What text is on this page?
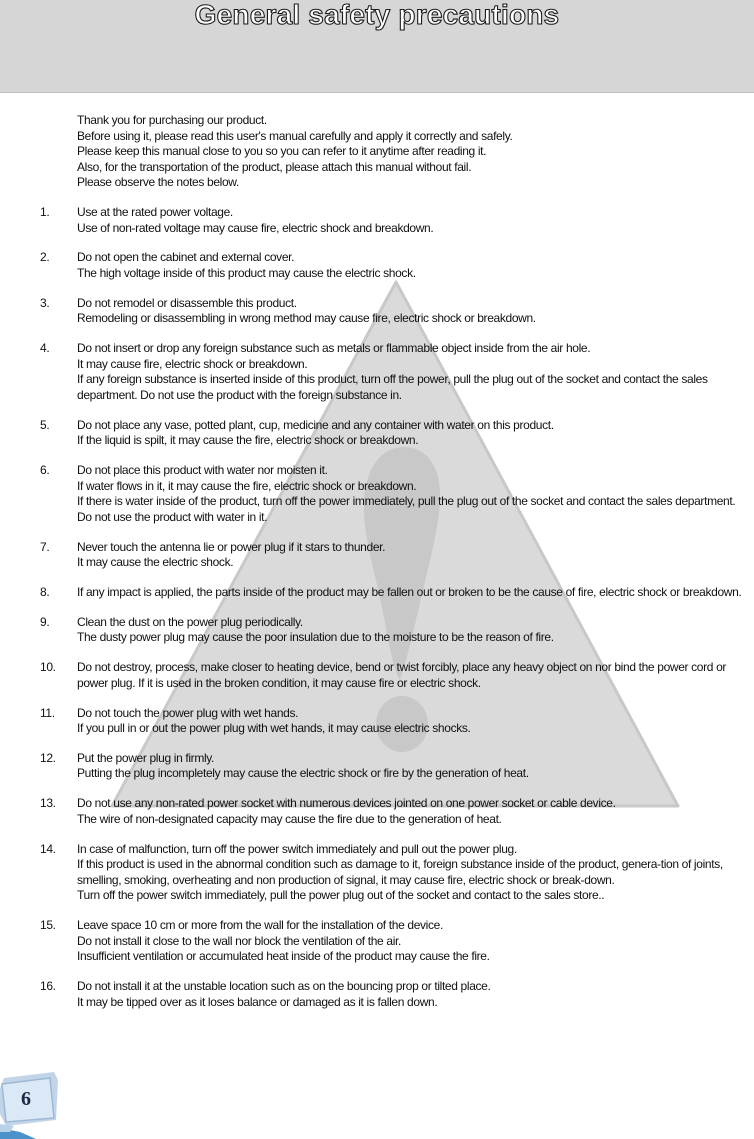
General safety precautions
Thank you for purchasing our product.
Before using it, please read this user's manual carefully and apply it correctly and safely.
Please keep this manual close to you so you can refer to it anytime after reading it.
Also, for the transportation of the product, please attach this manual without fail.
Please observe the notes below.
1. Use at the rated power voltage.
Use of non-rated voltage may cause fire, electric shock and breakdown.
2. Do not open the cabinet and external cover.
The high voltage inside of this product may cause the electric shock.
3. Do not remodel or disassemble this product.
Remodeling or disassembling in wrong method may cause fire, electric shock or breakdown.
4. Do not insert or drop any foreign substance such as metals or flammable object inside from the air hole.
It may cause fire, electric shock or breakdown.
If any foreign substance is inserted inside of this product, turn off the power, pull the plug out of the socket and contact the sales department. Do not use the product with the foreign substance in.
5. Do not place any vase, potted plant, cup, medicine and any container with water on this product.
If the liquid is spilt, it may cause the fire, electric shock or breakdown.
6. Do not place this product with water nor moisten it.
If water flows in it, it may cause the fire, electric shock or breakdown.
If there is water inside of the product, turn off the power immediately, pull the plug out of the socket and contact the sales department.
Do not use the product with water in it.
7. Never touch the antenna lie or power plug if it stars to thunder.
It may cause the electric shock.
8. If any impact is applied, the parts inside of the product may be fallen out or broken to be the cause of fire, electric shock or breakdown.
9. Clean the dust on the power plug periodically.
The dusty power plug may cause the poor insulation due to the moisture to be the reason of fire.
10. Do not destroy, process, make closer to heating device, bend or twist forcibly, place any heavy object on nor bind the power cord or power plug. If it is used in the broken condition, it may cause fire or electric shock.
11. Do not touch the power plug with wet hands.
If you pull in or out the power plug with wet hands, it may cause electric shocks.
12. Put the power plug in firmly.
Putting the plug incompletely may cause the electric shock or fire by the generation of heat.
13. Do not use any non-rated power socket with numerous devices jointed on one power socket or cable device.
The wire of non-designated capacity may cause the fire due to the generation of heat.
14. In case of malfunction, turn off the power switch immediately and pull out the power plug.
If this product is used in the abnormal condition such as damage to it, foreign substance inside of the product, genera-tion of joints, smelling, smoking, overheating and non production of signal, it may cause fire, electric shock or break-down.
Turn off the power switch immediately, pull the power plug out of the socket and contact to the sales store..
15. Leave space 10 cm or more from the wall for the installation of the device.
Do not install it close to the wall nor block the ventilation of the air.
Insufficient ventilation or accumulated heat inside of the product may cause the fire.
16. Do not install it at the unstable location such as on the bouncing prop or tilted place.
It may be tipped over as it loses balance or damaged as it is fallen down.
6
